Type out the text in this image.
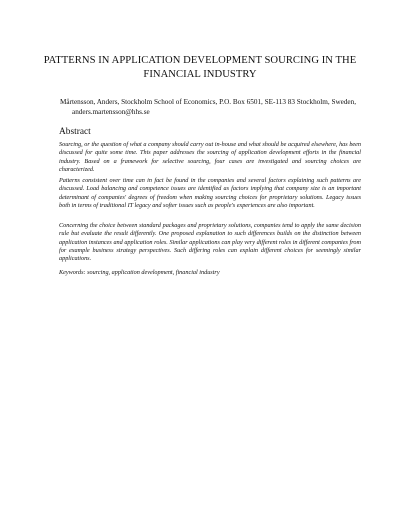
PATTERNS IN APPLICATION DEVELOPMENT SOURCING IN THE FINANCIAL INDUSTRY
Mårtensson, Anders, Stockholm School of Economics, P.O. Box 6501, SE-113 83 Stockholm, Sweden, anders.martensson@hhs.se
Abstract

Sourcing, or the question of what a company should carry out in-house and what should be acquired elsewhere, has been discussed for quite some time. This paper addresses the sourcing of application development efforts in the financial industry. Based on a framework for selective sourcing, four cases are investigated and sourcing choices are characterized.

Patterns consistent over time can in fact be found in the companies and several factors explaining such patterns are discussed. Load balancing and competence issues are identified as factors implying that company size is an important determinant of companies' degrees of freedom when making sourcing choices for proprietary solutions. Legacy issues both in terms of traditional IT legacy and softer issues such as people's experiences are also important.

Concerning the choice between standard packages and proprietary solutions, companies tend to apply the same decision rule but evaluate the result differently. One proposed explanation to such differences builds on the distinction between application instances and application roles. Similar applications can play very different roles in different companies from for example business strategy perspectives. Such differing roles can explain different choices for seemingly similar applications.

Keywords: sourcing, application development, financial industry
